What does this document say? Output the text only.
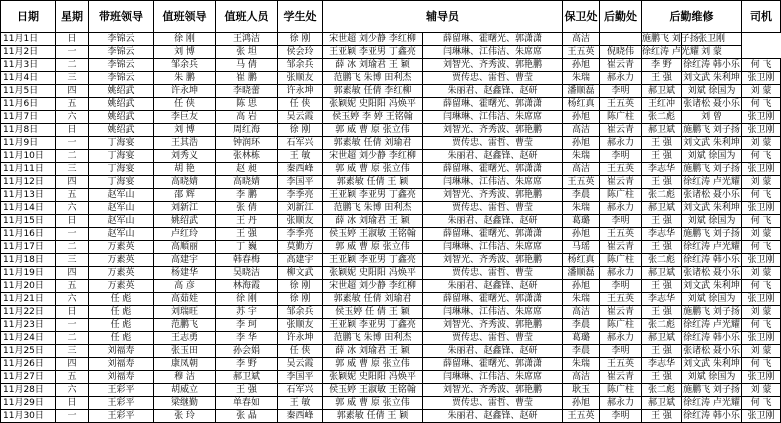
日期	星期	带班领导	值班领导	值班人员	学生处	辅导员		保卫处	后勤处	后勤维修		司机
11月1日	日	李锦云	徐 刚	王鸿洁	徐 刚	宋世超 刘少静 李红柳	薛留琳、霍曙光、郭潇潇	高洁		施鹏飞 刘子扬	张卫刚	
11月2日	一	李锦云	刘 博	张 坦	侯会玲	王亚颖 李亚男 丁鑫亮	闫琳琳、江伟洁、朱席席	王五英	倪晓伟	徐红涛 卢光耀	刘 蒙	
11月3日	二	李锦云	邹余兵	马 倩	邹余兵	薛 冰 刘瑜君 王 颖	刘智光、齐秀波、郭艳鹏	孙旭	崔云青	李 野	徐红涛 韩小乐	何 飞
11月4日	三	李锦云	朱 鹏	崔 鹏	张顺友	范鹏飞 朱博 田利杰	贾传忠、雷哲、曹莹	朱瑞	郝永力	王 强	刘文武 朱利坤	张卫刚
11月5日	四	姚绍武	许永坤	李晓蕾	许永坤	郭素敏 任倩 李红柳	朱丽君、赵鑫锋、赵研	潘顺磊	李明	郝卫斌	刘斌 徐国为	刘 蒙
11月6日	五	姚绍武	任 侠	陈 思	任 侠	张颖妮 史阳阳 冯焕平	薛留琳、霍曙光、郭潇潇	杨红真	王五英	王红冲	张诸松 聂小乐	何 飞
11月7日	六	姚绍武	李巨友	高 岩	吴云霞	侯玉婷 李 婷 王铭翰	闫琳琳、江伟洁、朱席席	孙旭	陈广柱	张二彪	刘 曾	张卫刚
11月8日	日	姚绍武	刘 博	周红海	徐 刚	郭 威 曹 原 张立伟	刘智光、齐秀波、郭艳鹏	高洁	崔云青	郝卫斌	施鹏飞 刘子扬	张卫刚
11月9日	一	丁海宴	王其浩	钟润环	石军兴	郭素敏 任倩 刘瑜君	贾传忠、雷哲、曹莹	孙旭	郝永力	王 强	刘文武 朱利坤	刘 蒙
11月10日	二	丁海宴	刘秀义	张林栋	王 敏	宋世超 刘少静 李红柳	朱丽君、赵鑫锋、赵研	朱瑞	李明	王 强	刘斌 徐国为	何 飞
11月11日	三	丁海宴	胡 艳	赵 昶	秦西峰	郭 威 曹 原 张立伟	薛留琳、霍曙光、郭潇潇	高洁	王五英	李志华	施鹏飞 刘子扬	张卫刚
11月12日	四	丁海宴	高晓婧	高晓婧	李国平	郭素敏 任倩 王 颖	闫琳琳、江伟洁、朱席席	王五英	崔云青	王 强	徐红涛 卢光耀	刘 蒙
11月13日	五	赵军山	邵 辉	李 鹏	李季亮	王亚颖 李亚男 丁鑫亮	刘智光、齐秀波、郭艳鹏	李晨	陈广柱	张二彪	张诸松 聂小乐	何 飞
11月14日	六	赵军山	刘新江	张 倩	刘新江	范鹏飞 朱博 田利杰	贾传忠、雷哲、曹莹	朱瑞	郝永力	郝卫斌	刘文武 朱利坤	张卫刚
11月15日	日	赵军山	姚绍武	王 丹	张顺友	薛 冰 刘瑜君 王 颖	朱丽君、赵鑫锋、赵研	葛璐	李明	王 强	刘斌 徐国为	何 飞
11月16日	一	赵军山	卢红玲	王 强	李季亮	侯玉婷 王淑敏 王铭翰	薛留琳、霍曙光、郭潇潇	孙旭	王五英	李志华	施鹏飞 刘子扬	刘 蒙
11月17日	二	万素英	高順丽	丁 巍	莫勤方	郭 威 曹 原 张立伟	闫琳琳、江伟洁、朱席席	马瑶	崔云青	王 强	徐红涛 卢光耀	何 飞
11月18日	三	万素英	高建宇	韩春梅	高建宇	王亚颖 李亚男 丁鑫亮	刘智光、齐秀波、郭艳鹏	杨红真	陈广柱	张二彪	徐红涛 韩小乐	张卫刚
11月19日	四	万素英	杨建华	吴晓洁	柳文武	张颖妮 史阳阳 冯焕平	贾传忠、雷哲、曹莹	潘顺磊	郝永力	郝卫斌	张诸松 聂小乐	刘 蒙
11月20日	五	万素英	高 彦	林海霞	徐 刚	宋世超 刘少静 李红柳	朱丽君、赵鑫锋、赵研	孙旭	李明	王 强	刘文武 朱利坤	何 飞
11月21日	六	任 彪	高茹娃	徐 刚	徐 刚	郭素敏 任倩 刘瑜君	薛留琳、霍曙光、郭潇潇	朱瑞	王五英	李志华	刘斌 徐国为	张卫刚
11月22日	日	任 彪	刘瑞旺	苏 宇	邹余兵	侯玉婷 任 倩 王 颖	闫琳琳、江伟洁、朱席席	高洁	崔云青	王 强	施鹏飞 刘子扬	刘 蒙
11月23日	一	任 彪	范鹏飞	李 珂	张顺友	王亚颖 李亚男 丁鑫亮	刘智光、齐秀波、郭艳鹏	李晨	陈广柱	张二彪	徐红涛 卢光耀	何 飞
11月24日	二	任 彪	王志勇	李 华	许永坤	范鹏飞 朱博 田利杰	贾传忠、雷哲、曹莹	葛璐	郝永力	郝卫斌	徐红涛 韩小乐	张卫刚
11月25日	三	刘福寿	张玉田	孙会娟	任 侠	薛 冰 刘瑜君 王 颖	朱丽君、赵鑫锋、赵研	李晨	李明	王 强	张诸松 聂小乐	刘 蒙
11月26日	四	刘福寿	康凤朝	李 野	吴云霞	郭 威 曹 原 张立伟	薛留琳、霍曙光、郭潇潇	朱瑞	王五英	李志华	刘文武 朱利坤	何 飞
11月27日	五	刘福寿	穆 洁	郝卫斌	李国平	张颖妮 史阳阳 冯焕平	闫琳琳、江伟洁、朱席席	高洁	崔云青	王 强	刘斌 徐国为	张卫刚
11月28日	六	王彩平	胡威立	王 强	石军兴	侯玉婷 王淑敏 王铭翰	刘智光、齐秀波、郭艳鹏	耿玉	陈广柱	张二彪	施鹏飞 刘子扬	刘 蒙
11月29日	日	王彩平	梁继勤	单春如	王 敏	郭 威 曹 原 张立伟	贾传忠、雷哲、曹莹	孙旭	郝永力	郝卫斌	徐红涛 卢光耀	何 飞
11月30日	一	王彩平	张 玲	张 晶	秦西峰	郭素敏 任倩 王 颖	朱丽君、赵鑫锋、赵研	王五英	李明	王 强	徐红涛 韩小乐	张卫刚
